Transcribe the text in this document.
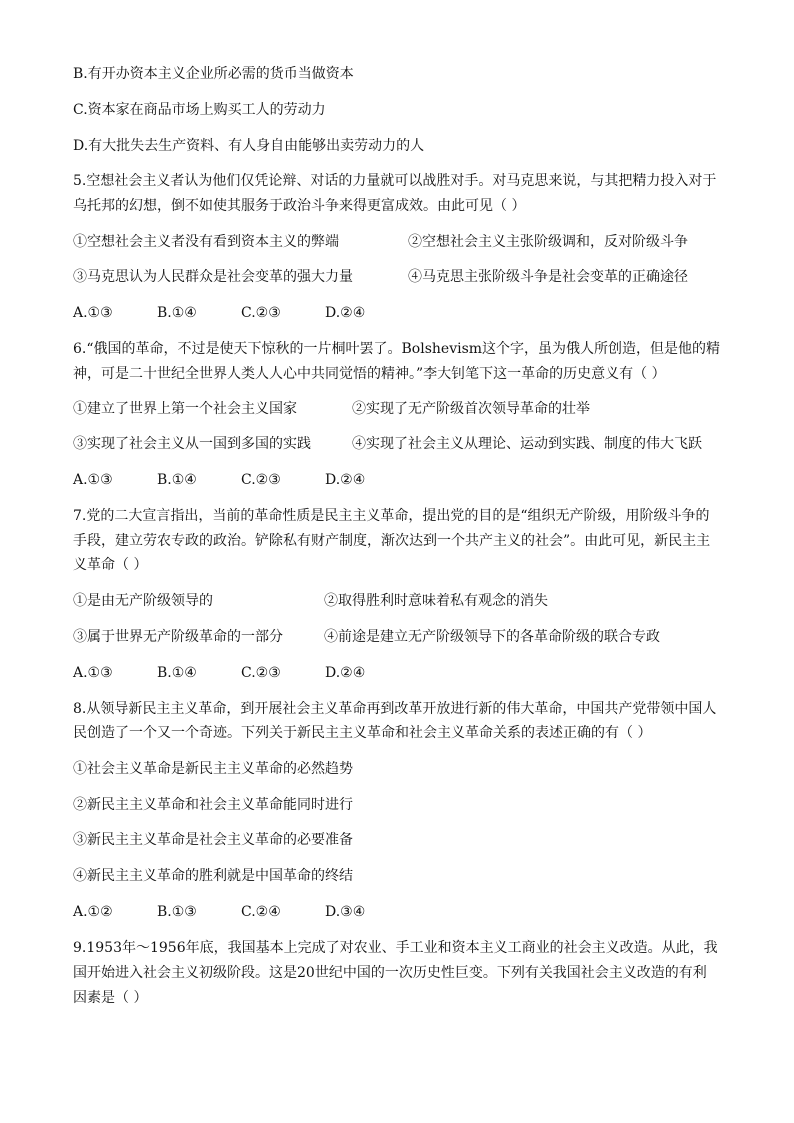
B.有开办资本主义企业所必需的货币当做资本
C.资本家在商品市场上购买工人的劳动力
D.有大批失去生产资料、有人身自由能够出卖劳动力的人
5.空想社会主义者认为他们仅凭论辩、对话的力量就可以战胜对手。对马克思来说，与其把精力投入对于
乌托邦的幻想，倒不如使其服务于政治斗争来得更富成效。由此可见（ ）
①空想社会主义者没有看到资本主义的弊端	②空想社会主义主张阶级调和，反对阶级斗争
③马克思认为人民群众是社会变革的强大力量	④马克思主张阶级斗争是社会变革的正确途径
A.①③	B.①④	C.②③	D.②④
6.“俄国的革命，不过是使天下惊秋的一片桐叶罢了。Bolshevism这个字，虽为俄人所创造，但是他的精
神，可是二十世纪全世界人类人人心中共同觉悟的精神。”李大钊笔下这一革命的历史意义有（ ）
①建立了世界上第一个社会主义国家	②实现了无产阶级首次领导革命的壮举
③实现了社会主义从一国到多国的实践	④实现了社会主义从理论、运动到实践、制度的伟大飞跃
A.①③	B.①④	C.②③	D.②④
7.党的二大宣言指出，当前的革命性质是民主主义革命，提出党的目的是“组织无产阶级，用阶级斗争的
手段，建立劳农专政的政治。铲除私有财产制度，渐次达到一个共产主义的社会”。由此可见，新民主主
义革命（ ）
①是由无产阶级领导的	②取得胜利时意味着私有观念的消失
③属于世界无产阶级革命的一部分	④前途是建立无产阶级领导下的各革命阶级的联合专政
A.①③	B.①④	C.②③	D.②④
8.从领导新民主主义革命，到开展社会主义革命再到改革开放进行新的伟大革命，中国共产党带领中国人
民创造了一个又一个奇迹。下列关于新民主主义革命和社会主义革命关系的表述正确的有（ ）
①社会主义革命是新民主主义革命的必然趋势
②新民主主义革命和社会主义革命能同时进行
③新民主主义革命是社会主义革命的必要准备
④新民主主义革命的胜利就是中国革命的终结
A.①②	B.①③	C.②④	D.③④
9.1953年～1956年底，我国基本上完成了对农业、手工业和资本主义工商业的社会主义改造。从此，我
国开始进入社会主义初级阶段。这是20世纪中国的一次历史性巨变。下列有关我国社会主义改造的有利
因素是（ ）
